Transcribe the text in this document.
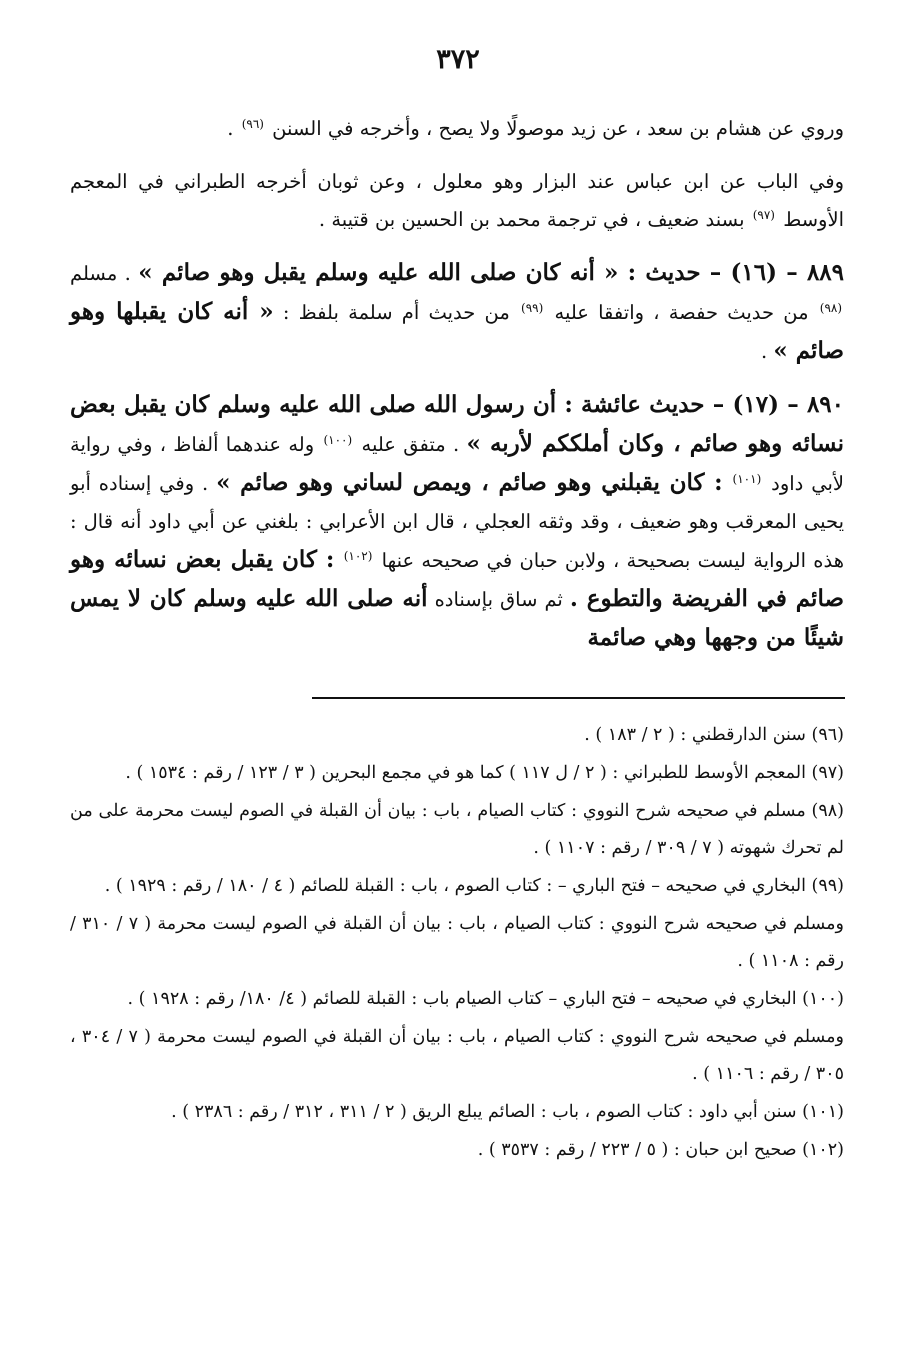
٣٧٢

وروي عن هشام بن سعد ، عن زيد موصولًا ولا يصح ، وأخرجه في السنن $^{(٩٦)}$ .

وفي الباب عن ابن عباس عند البزار وهو معلول ، وعن ثوبان أخرجه الطبراني في المعجم الأوسط $^{(٩٧)}$ بسند ضعيف ، في ترجمة محمد بن الحسين بن قتيبة .

٨٨٩ – (١٦) – حديث : « أنه كان صلى الله عليه وسلم يقبل وهو صائم » . مسلم $^{(٩٨)}$ من حديث حفصة ، واتفقا عليه $^{(٩٩)}$ من حديث أم سلمة بلفظ : « أنه كان يقبلها وهو صائم » .

٨٩٠ – (١٧) – حديث عائشة : أن رسول الله صلى الله عليه وسلم كان يقبل بعض نسائه وهو صائم ، وكان أملككم لأربه » . متفق عليه $^{(١٠٠)}$ وله عندهما ألفاظ ، وفي رواية لأبي داود $^{(١٠١)}$ : كان يقبلني وهو صائم ، ويمص لساني وهو صائم » . وفي إسناده أبو يحيى المعرقب وهو ضعيف ، وقد وثقه العجلي ، قال ابن الأعرابي : بلغني عن أبي داود أنه قال : هذه الرواية ليست بصحيحة ، ولابن حبان في صحيحه عنها $^{(١٠٢)}$ : كان يقبل بعض نسائه وهو صائم في الفريضة والتطوع . ثم ساق بإسناده أنه صلى الله عليه وسلم كان لا يمس شيئًا من وجهها وهي صائمة

(٩٦) سنن الدارقطني : ( ٢ / ١٨٣ ) .

(٩٧) المعجم الأوسط للطبراني : ( ٢ / ل ١١٧ ) كما هو في مجمع البحرين ( ٣ / ١٢٣ / رقم : ١٥٣٤ ) .

(٩٨) مسلم في صحيحه شرح النووي : كتاب الصيام ، باب : بيان أن القبلة في الصوم ليست محرمة على من لم تحرك شهوته ( ٧ / ٣٠٩ / رقم : ١١٠٧ ) .

(٩٩) البخاري في صحيحه – فتح الباري – : كتاب الصوم ، باب : القبلة للصائم ( ٤ / ١٨٠ / رقم : ١٩٢٩ ) .

ومسلم في صحيحه شرح النووي : كتاب الصيام ، باب : بيان أن القبلة في الصوم ليست محرمة ( ٧ / ٣١٠ / رقم : ١١٠٨ ) .

(١٠٠) البخاري في صحيحه – فتح الباري – كتاب الصيام باب : القبلة للصائم ( ٤/ ١٨٠/ رقم : ١٩٢٨ ) .

ومسلم في صحيحه شرح النووي : كتاب الصيام ، باب : بيان أن القبلة في الصوم ليست محرمة ( ٧ / ٣٠٤ ، ٣٠٥ / رقم : ١١٠٦ ) .

(١٠١) سنن أبي داود : كتاب الصوم ، باب : الصائم يبلع الريق ( ٢ / ٣١١ ، ٣١٢ / رقم : ٢٣٨٦ ) .

(١٠٢) صحيح ابن حبان : ( ٥ / ٢٢٣ / رقم : ٣٥٣٧ ) .
